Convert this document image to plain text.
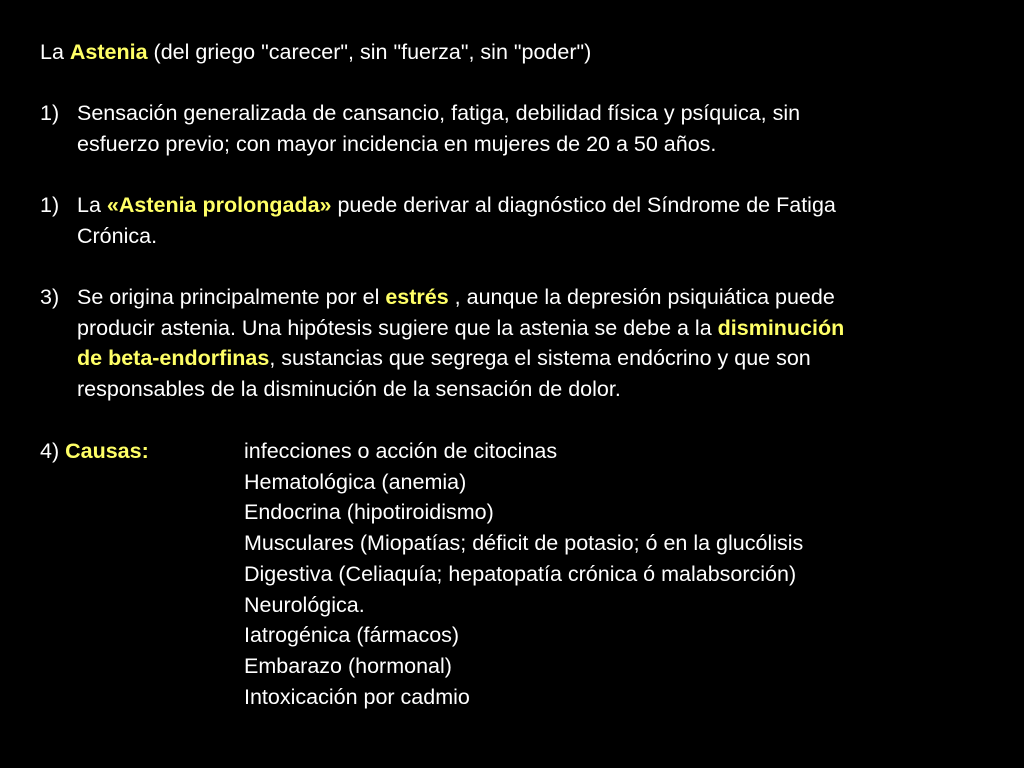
La Astenia (del griego "carecer", sin "fuerza", sin "poder")
1) Sensación generalizada de cansancio, fatiga, debilidad física y psíquica, sin
esfuerzo previo; con mayor incidencia en mujeres de 20 a 50 años.
1) La «Astenia prolongada» puede derivar al diagnóstico del Síndrome de Fatiga
Crónica.
3) Se origina principalmente por el estrés , aunque la depresión psiquiática puede
producir astenia. Una hipótesis sugiere que la astenia se debe a la disminución
de beta-endorfinas, sustancias que segrega el sistema endócrino y que son
responsables de la disminución de la sensación de dolor.
4) Causas:	infecciones o acción de citocinas
Hematológica (anemia)
Endocrina (hipotiroidismo)
Musculares (Miopatías; déficit de potasio; ó en la glucólisis
Digestiva (Celiaquía; hepatopatía crónica ó malabsorción)
Neurológica.
Iatrogénica (fármacos)
Embarazo (hormonal)
Intoxicación por cadmio
